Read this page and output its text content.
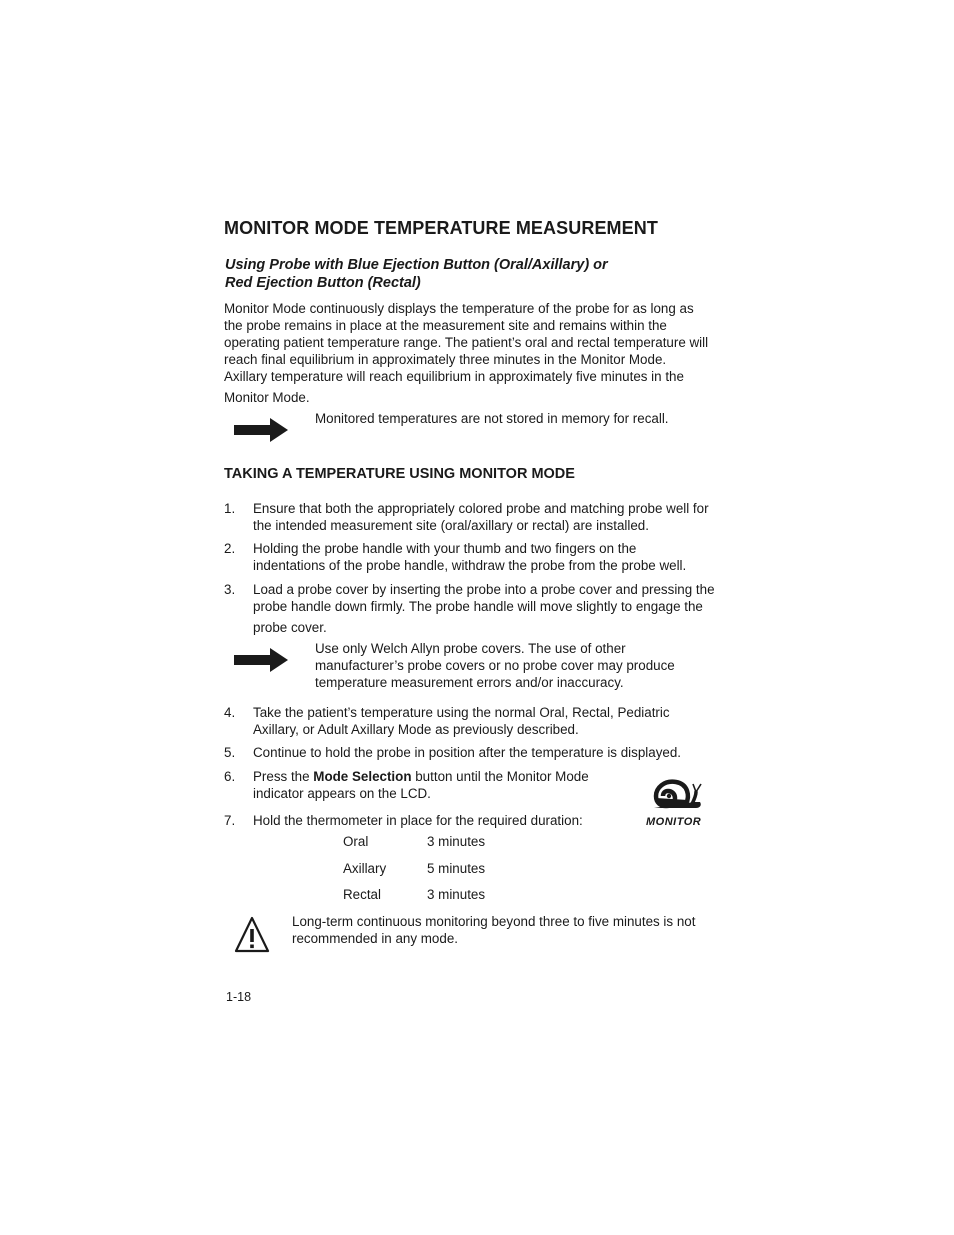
MONITOR MODE TEMPERATURE MEASUREMENT
Using Probe with Blue Ejection Button (Oral/Axillary) or
Red Ejection Button (Rectal)
Monitor Mode continuously displays the temperature of the probe for as long as
the probe remains in place at the measurement site and remains within the
operating patient temperature range. The patient’s oral and rectal temperature will
reach final equilibrium in approximately three minutes in the Monitor Mode.
Axillary temperature will reach equilibrium in approximately five minutes in the
Monitor Mode.
Monitored temperatures are not stored in memory for recall.
TAKING A TEMPERATURE USING MONITOR MODE
1. Ensure that both the appropriately colored probe and matching probe well for
the intended measurement site (oral/axillary or rectal) are installed.
2. Holding the probe handle with your thumb and two fingers on the
indentations of the probe handle, withdraw the probe from the probe well.
3. Load a probe cover by inserting the probe into a probe cover and pressing the
probe handle down firmly. The probe handle will move slightly to engage the
probe cover.
Use only Welch Allyn probe covers. The use of other
manufacturer’s probe covers or no probe cover may produce
temperature measurement errors and/or inaccuracy.
4. Take the patient’s temperature using the normal Oral, Rectal, Pediatric
Axillary, or Adult Axillary Mode as previously described.
5. Continue to hold the probe in position after the temperature is displayed.
6. Press the Mode Selection button until the Monitor Mode
indicator appears on the LCD.
MONITOR
7. Hold the thermometer in place for the required duration:
Oral	3 minutes
Axillary	5 minutes
Rectal	3 minutes
Long-term continuous monitoring beyond three to five minutes is not
recommended in any mode.
1-18
